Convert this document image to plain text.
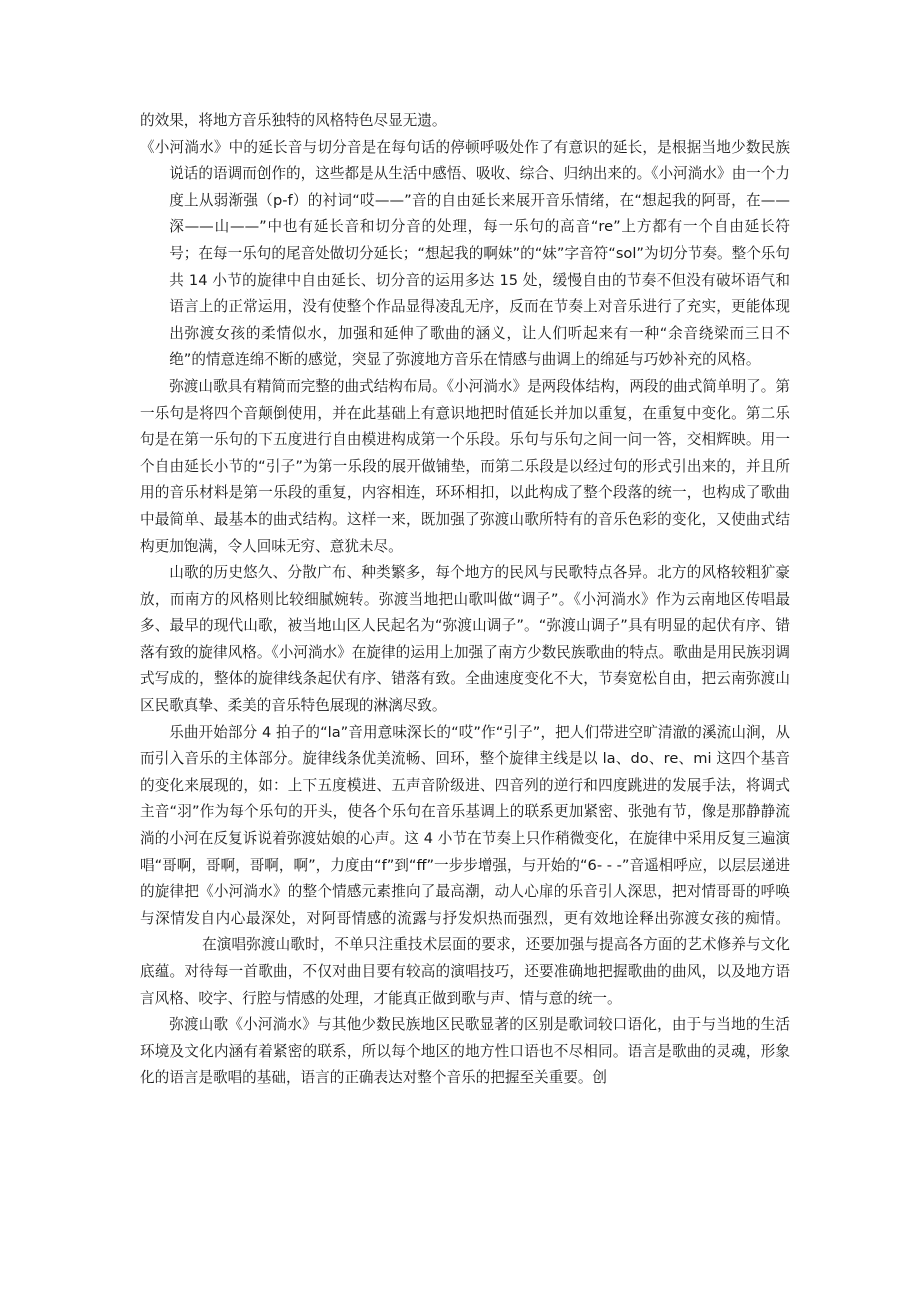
的效果，将地方音乐独特的风格特色尽显无遗。

《小河淌水》中的延长音与切分音是在每句话的停顿呼吸处作了有意识的延长，是根据当地少数民族说话的语调而创作的，这些都是从生活中感悟、吸收、综合、归纳出来的。《小河淌水》由一个力度上从弱渐强（p-f）的衬词“哎——”音的自由延长来展开音乐情绪，在“想起我的阿哥，在——深——山——”中也有延长音和切分音的处理，每一乐句的高音“re”上方都有一个自由延长符号；在每一乐句的尾音处做切分延长；“想起我的啊妹”的“妹”字音符“sol”为切分节奏。整个乐句共 14 小节的旋律中自由延长、切分音的运用多达 15 处，缓慢自由的节奏不但没有破坏语气和语言上的正常运用，没有使整个作品显得凌乱无序，反而在节奏上对音乐进行了充实，更能体现出弥渡女孩的柔情似水，加强和延伸了歌曲的涵义，让人们听起来有一种“余音绕梁而三日不绝”的情意连绵不断的感觉，突显了弥渡地方音乐在情感与曲调上的绵延与巧妙补充的风格。

弥渡山歌具有精简而完整的曲式结构布局。《小河淌水》是两段体结构，两段的曲式简单明了。第一乐句是将四个音颠倒使用，并在此基础上有意识地把时值延长并加以重复，在重复中变化。第二乐句是在第一乐句的下五度进行自由模进构成第一个乐段。乐句与乐句之间一问一答，交相辉映。用一个自由延长小节的“引子”为第一乐段的展开做铺垫，而第二乐段是以经过句的形式引出来的，并且所用的音乐材料是第一乐段的重复，内容相连，环环相扣，以此构成了整个段落的统一，也构成了歌曲中最简单、最基本的曲式结构。这样一来，既加强了弥渡山歌所特有的音乐色彩的变化，又使曲式结构更加饱满，令人回味无穷、意犹未尽。

山歌的历史悠久、分散广布、种类繁多，每个地方的民风与民歌特点各异。北方的风格较粗犷豪放，而南方的风格则比较细腻婉转。弥渡当地把山歌叫做“调子”。《小河淌水》作为云南地区传唱最多、最早的现代山歌，被当地山区人民起名为“弥渡山调子”。“弥渡山调子”具有明显的起伏有序、错落有致的旋律风格。《小河淌水》在旋律的运用上加强了南方少数民族歌曲的特点。歌曲是用民族羽调式写成的，整体的旋律线条起伏有序、错落有致。全曲速度变化不大，节奏宽松自由，把云南弥渡山区民歌真挚、柔美的音乐特色展现的淋漓尽致。

乐曲开始部分 4 拍子的“la”音用意味深长的“哎”作“引子”，把人们带进空旷清澈的溪流山涧，从而引入音乐的主体部分。旋律线条优美流畅、回环，整个旋律主线是以 la、do、re、mi 这四个基音的变化来展现的，如：上下五度模进、五声音阶级进、四音列的逆行和四度跳进的发展手法，将调式主音“羽”作为每个乐句的开头，使各个乐句在音乐基调上的联系更加紧密、张弛有节，像是那静静流淌的小河在反复诉说着弥渡姑娘的心声。这 4 小节在节奏上只作稍微变化，在旋律中采用反复三遍演唱“哥啊，哥啊，哥啊，啊”，力度由“f”到“ff”一步步增强，与开始的“6- - -”音遥相呼应，以层层递进的旋律把《小河淌水》的整个情感元素推向了最高潮，动人心扉的乐音引人深思，把对情哥哥的呼唤与深情发自内心最深处，对阿哥情感的流露与抒发炽热而强烈，更有效地诠释出弥渡女孩的痴情。在演唱弥渡山歌时，不单只注重技术层面的要求，还要加强与提高各方面的艺术修养与文化底蕴。对待每一首歌曲，不仅对曲目要有较高的演唱技巧，还要准确地把握歌曲的曲风，以及地方语言风格、咬字、行腔与情感的处理，才能真正做到歌与声、情与意的统一。

弥渡山歌《小河淌水》与其他少数民族地区民歌显著的区别是歌词较口语化，由于与当地的生活环境及文化内涵有着紧密的联系，所以每个地区的地方性口语也不尽相同。语言是歌曲的灵魂，形象化的语言是歌唱的基础，语言的正确表达对整个音乐的把握至关重要。创
